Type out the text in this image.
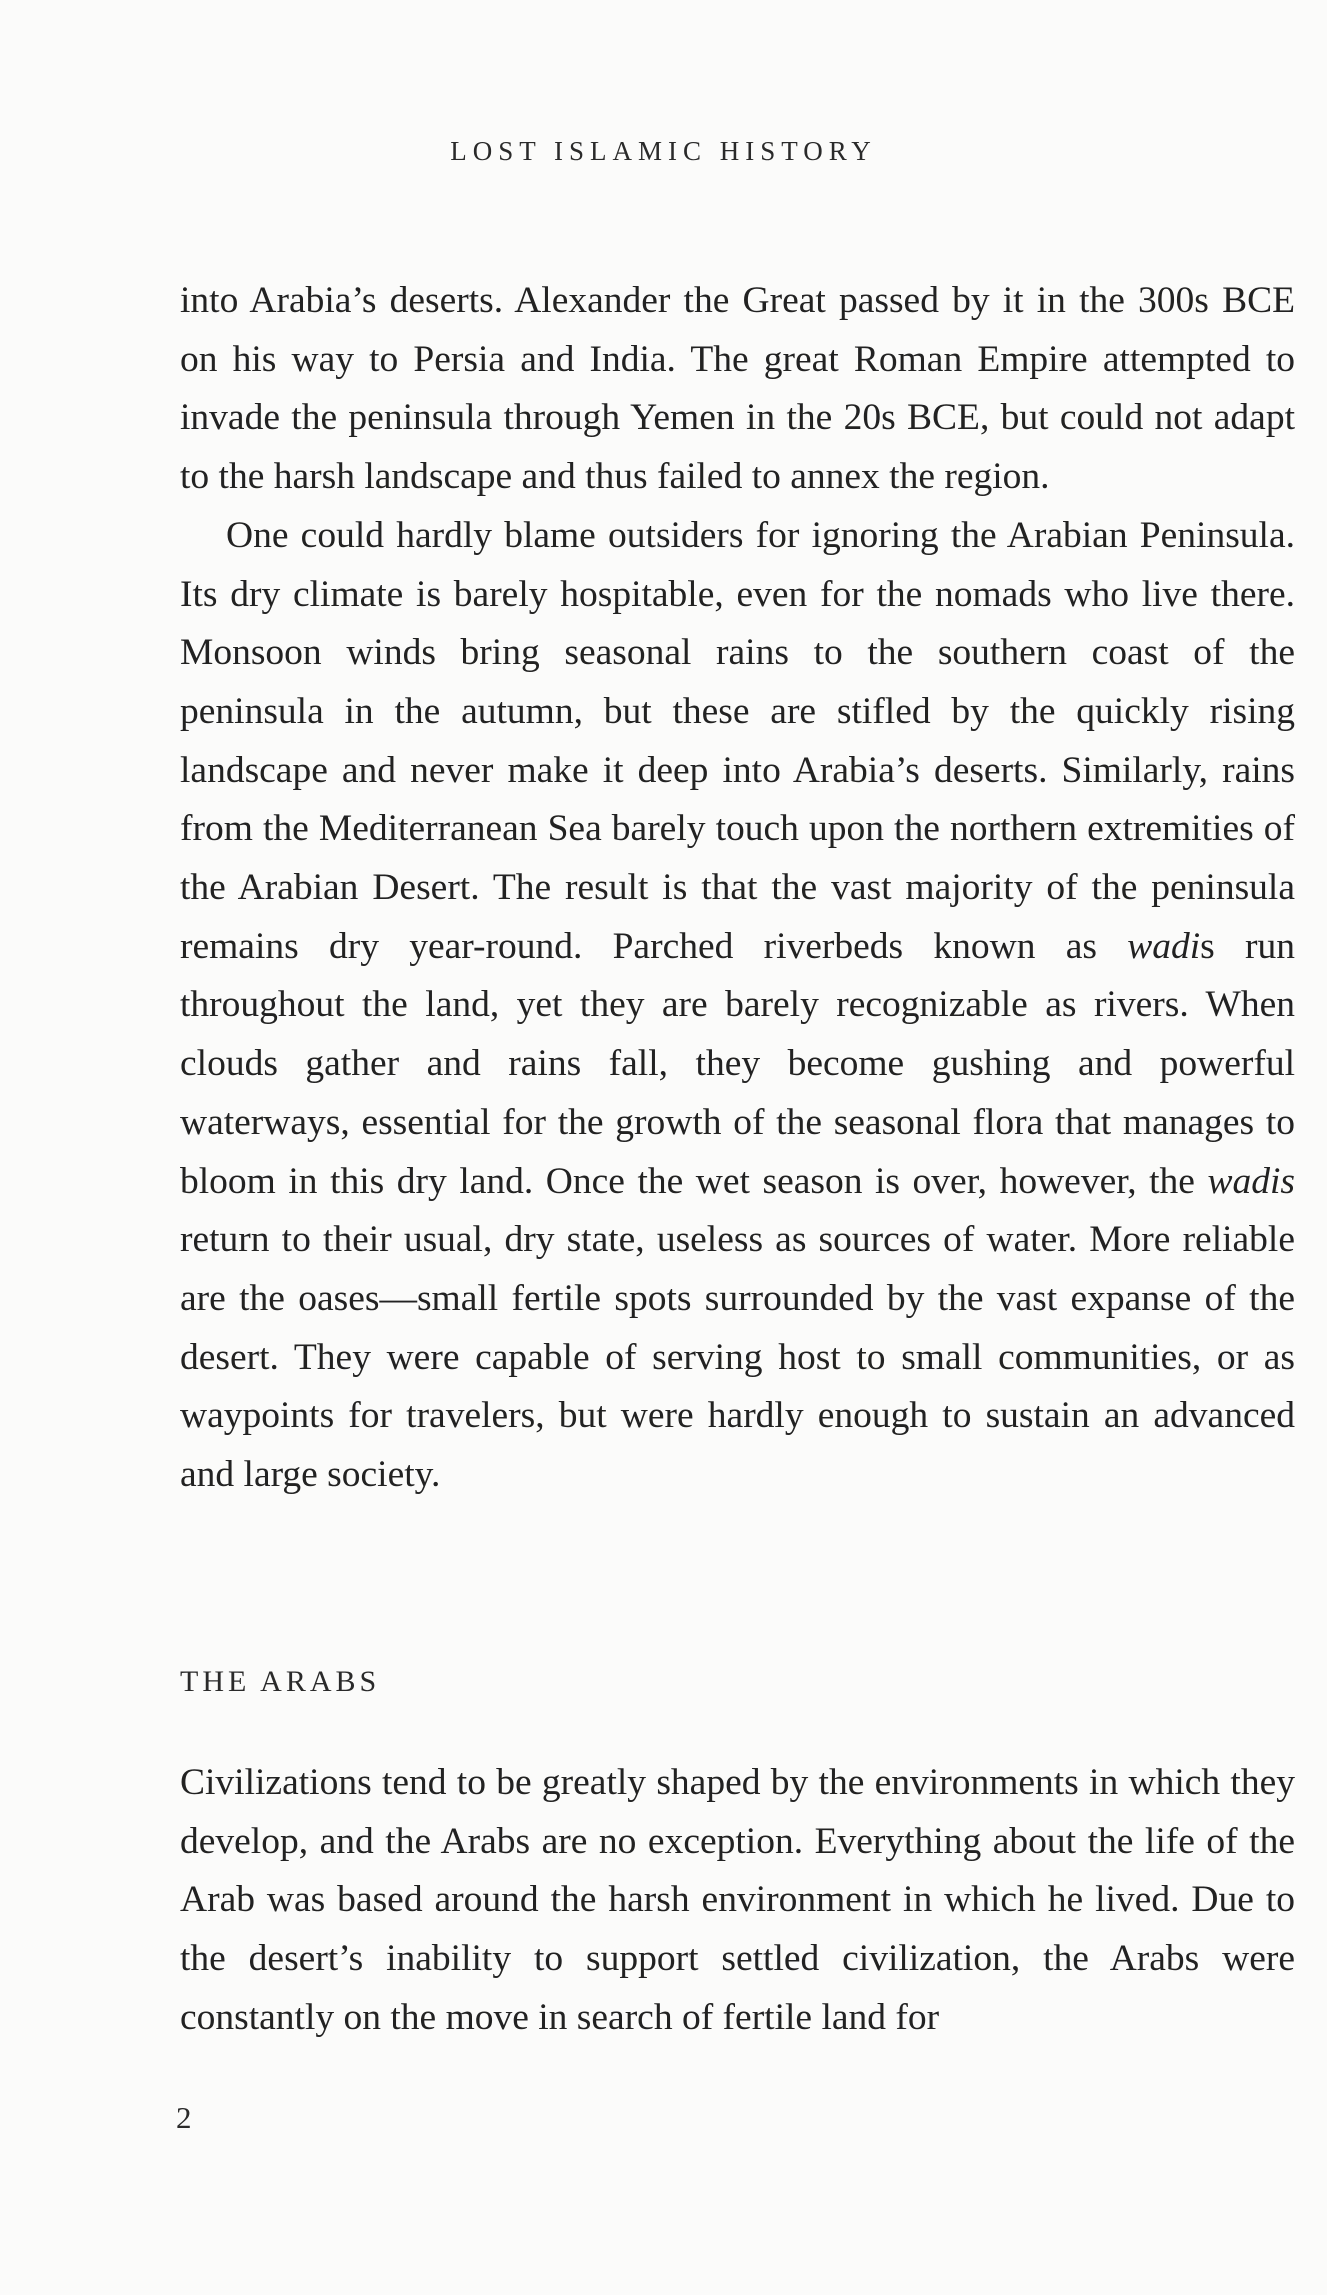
LOST ISLAMIC HISTORY

into Arabia’s deserts. Alexander the Great passed by it in the 300s BCE on his way to Persia and India. The great Roman Empire attempted to invade the peninsula through Yemen in the 20s BCE, but could not adapt to the harsh landscape and thus failed to annex the region.

One could hardly blame outsiders for ignoring the Arabian Peninsula. Its dry climate is barely hospitable, even for the nomads who live there. Monsoon winds bring seasonal rains to the southern coast of the peninsula in the autumn, but these are stifled by the quickly rising landscape and never make it deep into Arabia’s deserts. Similarly, rains from the Mediterranean Sea barely touch upon the northern extremities of the Arabian Desert. The result is that the vast majority of the peninsula remains dry year-round. Parched riverbeds known as wadis run throughout the land, yet they are barely recognizable as rivers. When clouds gather and rains fall, they become gushing and powerful waterways, essential for the growth of the seasonal flora that manages to bloom in this dry land. Once the wet season is over, however, the wadis return to their usual, dry state, useless as sources of water. More reliable are the oases—small fertile spots surrounded by the vast expanse of the desert. They were capable of serving host to small communities, or as waypoints for travelers, but were hardly enough to sustain an advanced and large society.

THE ARABS

Civilizations tend to be greatly shaped by the environments in which they develop, and the Arabs are no exception. Everything about the life of the Arab was based around the harsh environment in which he lived. Due to the desert’s inability to support settled civilization, the Arabs were constantly on the move in search of fertile land for

2
